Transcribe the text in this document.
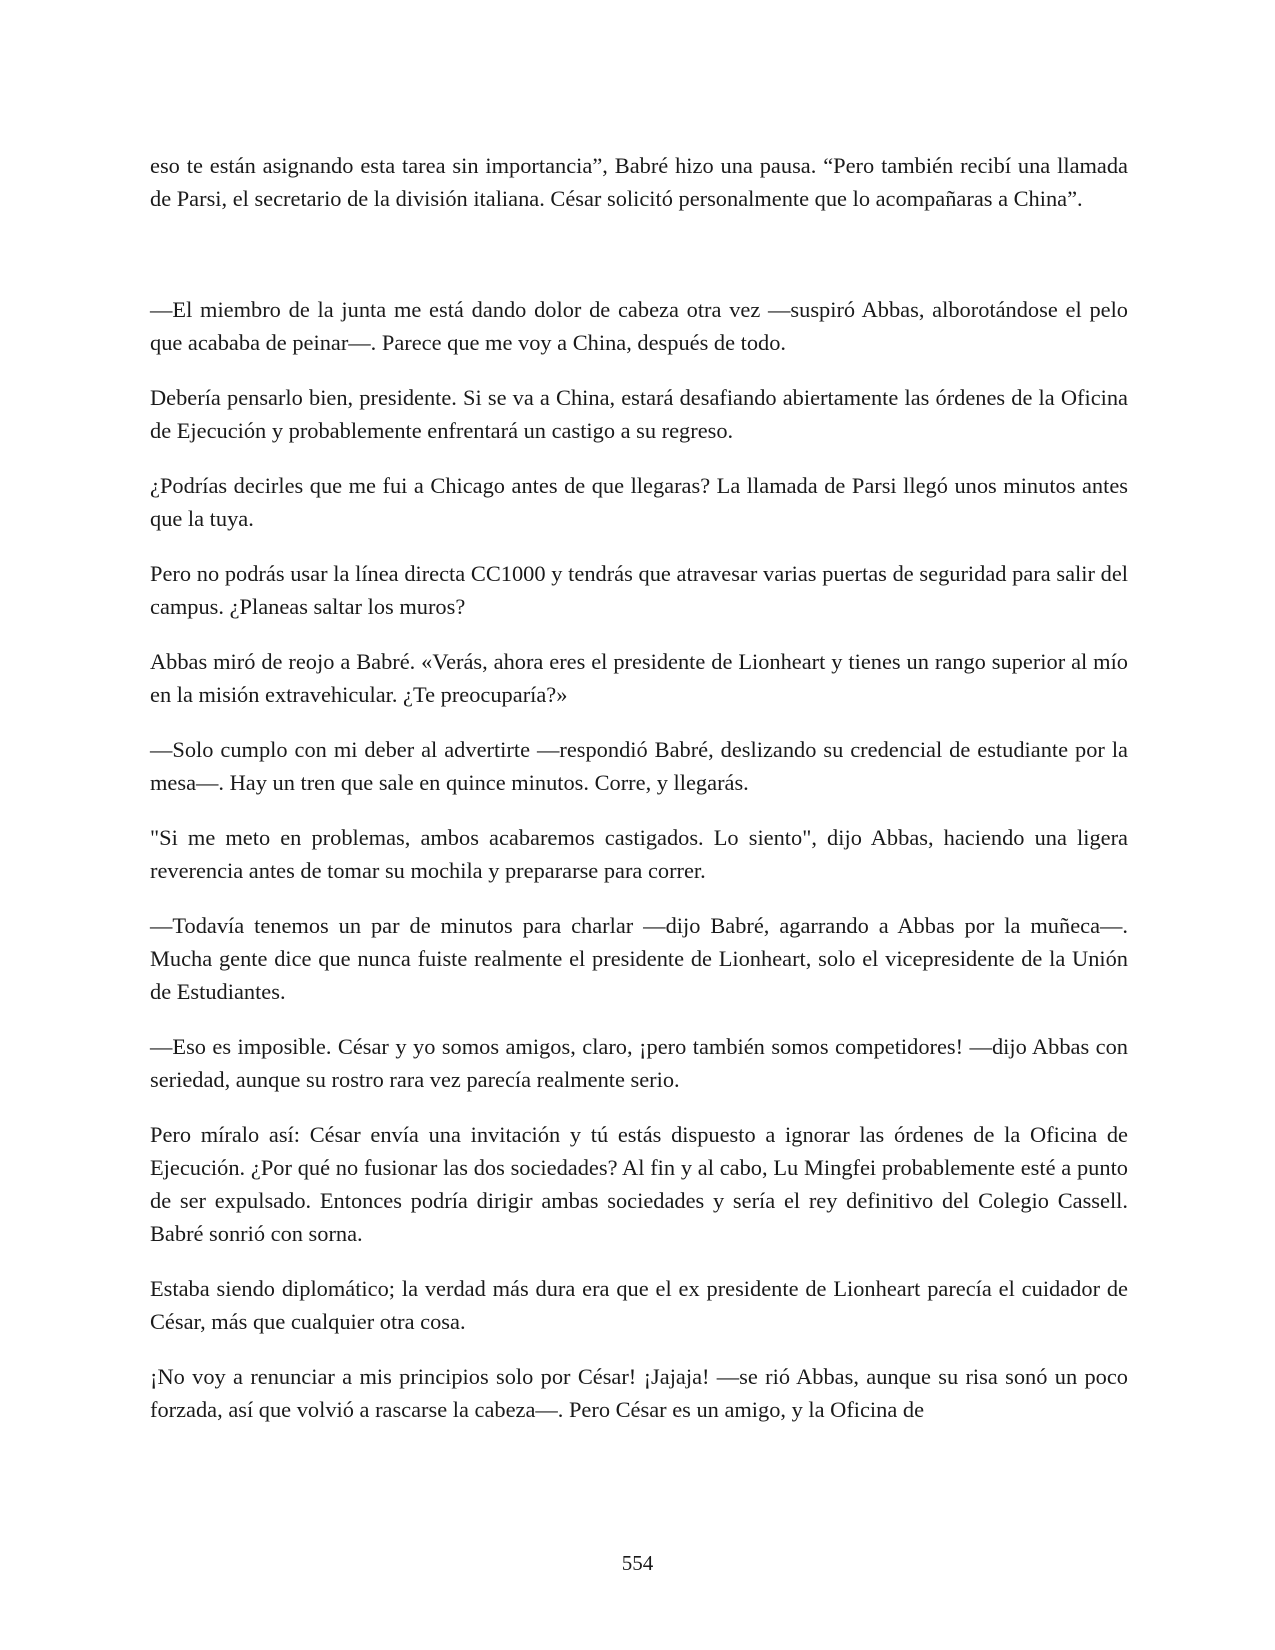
eso te están asignando esta tarea sin importancia”, Babré hizo una pausa. “Pero también recibí una llamada de Parsi, el secretario de la división italiana. César solicitó personalmente que lo acompañaras a China”.

—El miembro de la junta me está dando dolor de cabeza otra vez —suspiró Abbas, alborotándose el pelo que acababa de peinar—. Parece que me voy a China, después de todo.

Debería pensarlo bien, presidente. Si se va a China, estará desafiando abiertamente las órdenes de la Oficina de Ejecución y probablemente enfrentará un castigo a su regreso.

¿Podrías decirles que me fui a Chicago antes de que llegaras? La llamada de Parsi llegó unos minutos antes que la tuya.

Pero no podrás usar la línea directa CC1000 y tendrás que atravesar varias puertas de seguridad para salir del campus. ¿Planeas saltar los muros?

Abbas miró de reojo a Babré. «Verás, ahora eres el presidente de Lionheart y tienes un rango superior al mío en la misión extravehicular. ¿Te preocuparía?»

—Solo cumplo con mi deber al advertirte —respondió Babré, deslizando su credencial de estudiante por la mesa—. Hay un tren que sale en quince minutos. Corre, y llegarás.

"Si me meto en problemas, ambos acabaremos castigados. Lo siento", dijo Abbas, haciendo una ligera reverencia antes de tomar su mochila y prepararse para correr.

—Todavía tenemos un par de minutos para charlar —dijo Babré, agarrando a Abbas por la muñeca—. Mucha gente dice que nunca fuiste realmente el presidente de Lionheart, solo el vicepresidente de la Unión de Estudiantes.

—Eso es imposible. César y yo somos amigos, claro, ¡pero también somos competidores! —dijo Abbas con seriedad, aunque su rostro rara vez parecía realmente serio.

Pero míralo así: César envía una invitación y tú estás dispuesto a ignorar las órdenes de la Oficina de Ejecución. ¿Por qué no fusionar las dos sociedades? Al fin y al cabo, Lu Mingfei probablemente esté a punto de ser expulsado. Entonces podría dirigir ambas sociedades y sería el rey definitivo del Colegio Cassell. Babré sonrió con sorna.

Estaba siendo diplomático; la verdad más dura era que el ex presidente de Lionheart parecía el cuidador de César, más que cualquier otra cosa.

¡No voy a renunciar a mis principios solo por César! ¡Jajaja! —se rió Abbas, aunque su risa sonó un poco forzada, así que volvió a rascarse la cabeza—. Pero César es un amigo, y la Oficina de

554
